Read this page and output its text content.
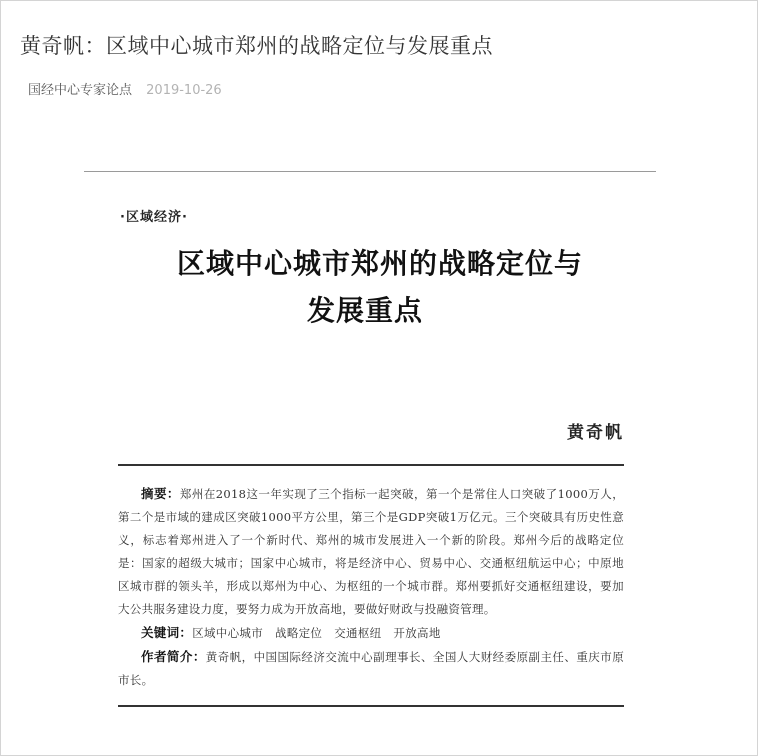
黄奇帆：区域中心城市郑州的战略定位与发展重点
国经中心专家论点 2019-10-26
·区域经济·
区域中心城市郑州的战略定位与
发展重点
黄奇帆

摘要：郑州在2018这一年实现了三个指标一起突破，第一个是常住人口突破了1000万人，第二个是市域的建成区突破1000平方公里，第三个是GDP突破1万亿元。三个突破具有历史性意义，标志着郑州进入了一个新时代、郑州的城市发展进入一个新的阶段。郑州今后的战略定位是：国家的超级大城市；国家中心城市，将是经济中心、贸易中心、交通枢纽航运中心；中原地区城市群的领头羊，形成以郑州为中心、为枢纽的一个城市群。郑州要抓好交通枢纽建设，要加大公共服务建设力度，要努力成为开放高地，要做好财政与投融资管理。

关键词：区域中心城市 战略定位 交通枢纽 开放高地

作者简介：黄奇帆，中国国际经济交流中心副理事长、全国人大财经委原副主任、重庆市原市长。
